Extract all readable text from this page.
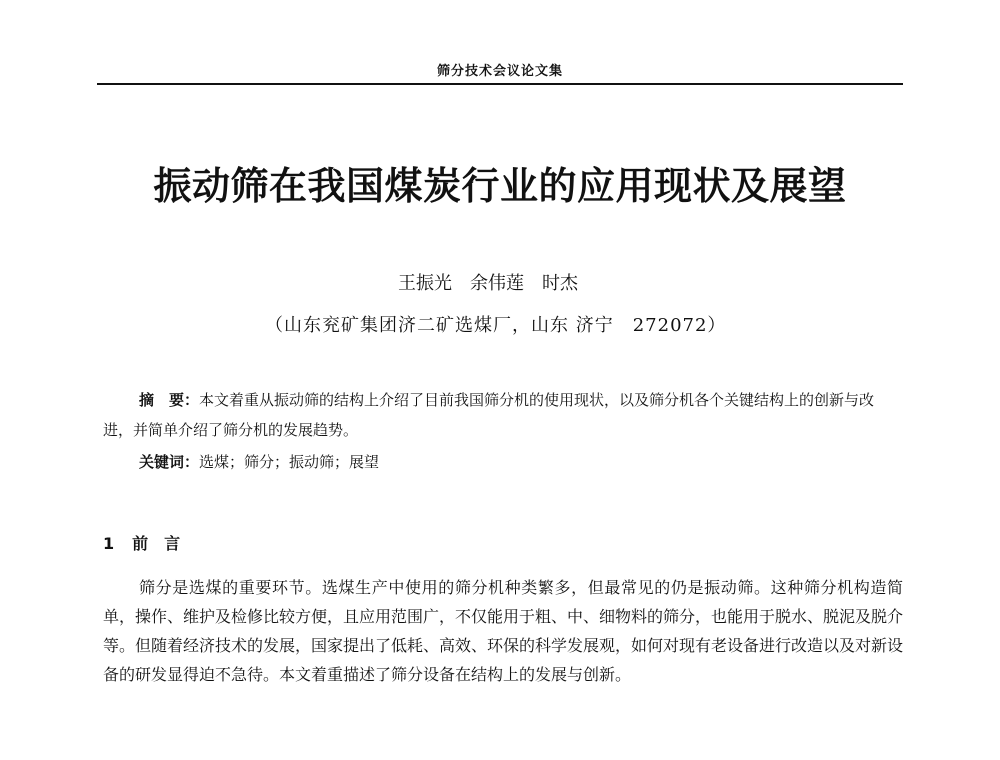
筛分技术会议论文集
振动筛在我国煤炭行业的应用现状及展望
王振光 余伟莲 时杰
（山东兖矿集团济二矿选煤厂，山东 济宁　272072）

摘　要：本文着重从振动筛的结构上介绍了目前我国筛分机的使用现状，以及筛分机各个关键结构上的创新与改进，并简单介绍了筛分机的发展趋势。

关键词：选煤；筛分；振动筛；展望
1 前　言

筛分是选煤的重要环节。选煤生产中使用的筛分机种类繁多，但最常见的仍是振动筛。这种筛分机构造简单，操作、维护及检修比较方便，且应用范围广，不仅能用于粗、中、细物料的筛分，也能用于脱水、脱泥及脱介等。但随着经济技术的发展，国家提出了低耗、高效、环保的科学发展观，如何对现有老设备进行改造以及对新设备的研发显得迫不急待。本文着重描述了筛分设备在结构上的发展与创新。
